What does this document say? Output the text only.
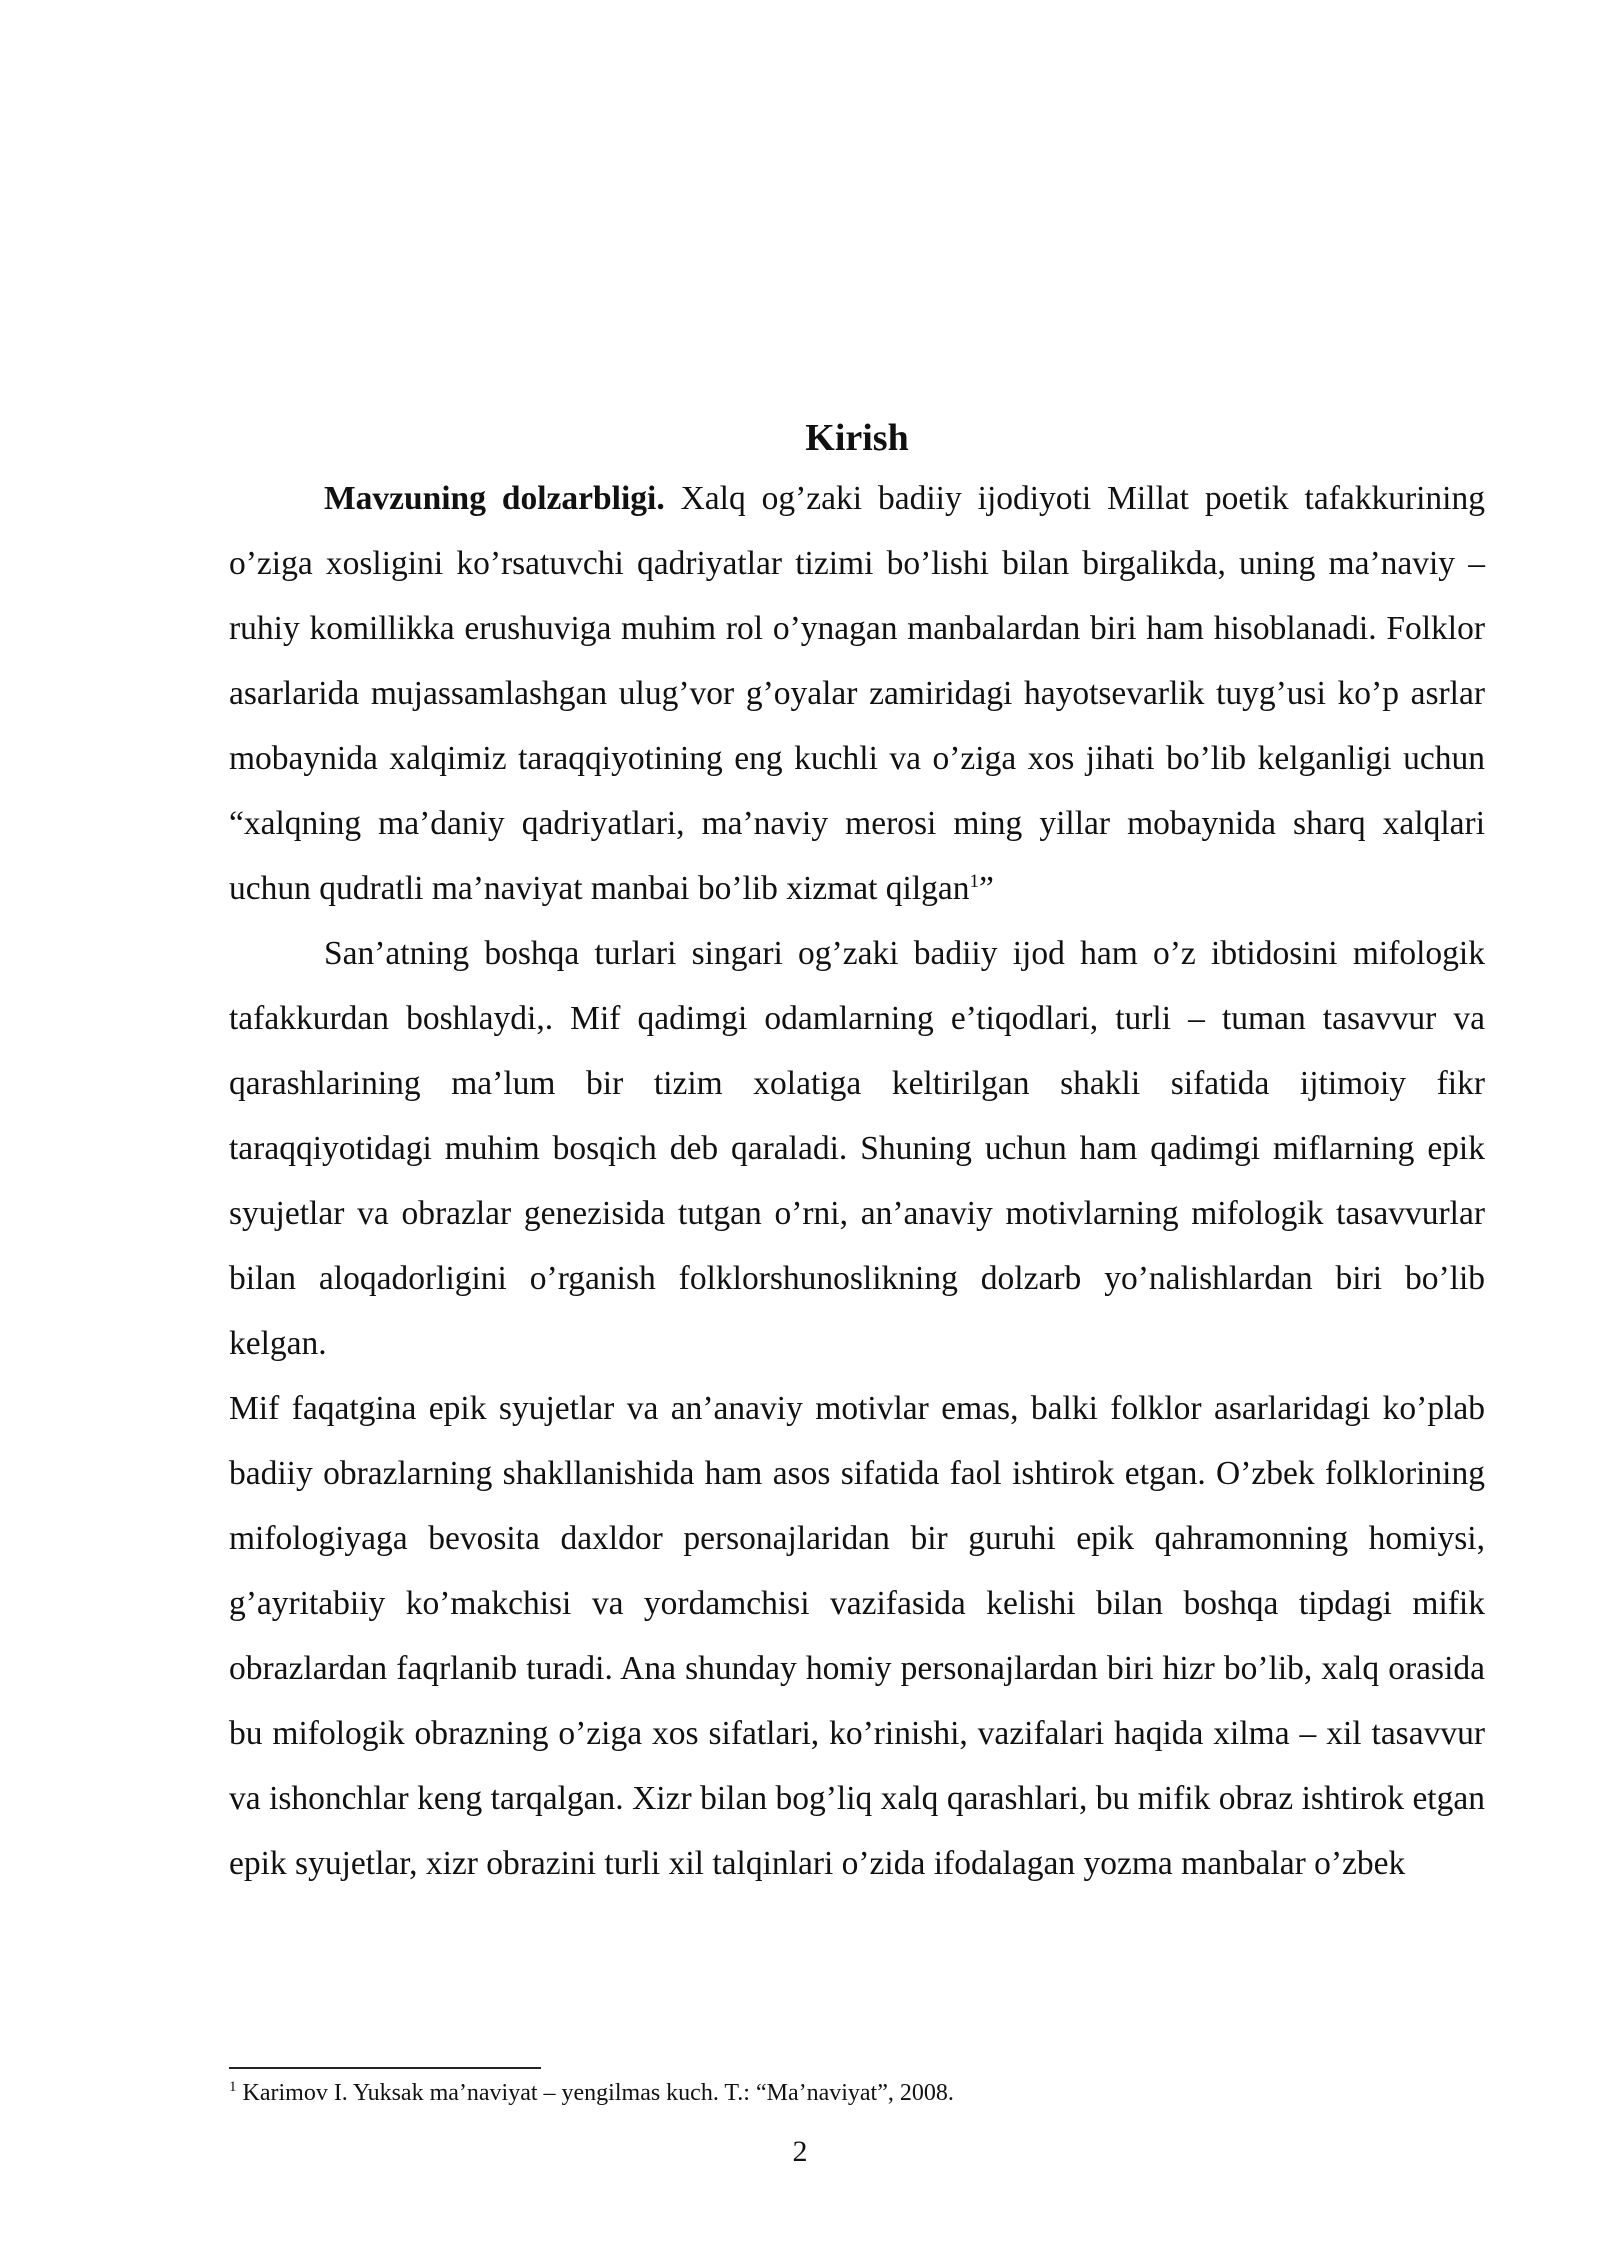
Kirish

Mavzuning dolzarbligi. Xalq og’zaki badiiy ijodiyoti Millat poetik tafakkurining o’ziga xosligini ko’rsatuvchi qadriyatlar tizimi bo’lishi bilan birgalikda, uning ma’naviy – ruhiy komillikka erushuviga muhim rol o’ynagan manbalardan biri ham hisoblanadi. Folklor asarlarida mujassamlashgan ulug’vor g’oyalar zamiridagi hayotsevarlik tuyg’usi ko’p asrlar mobaynida xalqimiz taraqqiyotining eng kuchli va o’ziga xos jihati bo’lib kelganligi uchun “xalqning ma’daniy qadriyatlari, ma’naviy merosi ming yillar mobaynida sharq xalqlari uchun qudratli ma’naviyat manbai bo’lib xizmat qilgan$^1$”

San’atning boshqa turlari singari og’zaki badiiy ijod ham o’z ibtidosini mifologik tafakkurdan boshlaydi,. Mif qadimgi odamlarning e’tiqodlari, turli – tuman tasavvur va qarashlarining ma’lum bir tizim xolatiga keltirilgan shakli sifatida ijtimoiy fikr taraqqiyotidagi muhim bosqich deb qaraladi. Shuning uchun ham qadimgi miflarning epik syujetlar va obrazlar genezisida tutgan o’rni, an’anaviy motivlarning mifologik tasavvurlar bilan aloqadorligini o’rganish folklorshunoslikning dolzarb yo’nalishlardan biri bo’lib kelgan.

Mif faqatgina epik syujetlar va an’anaviy motivlar emas, balki folklor asarlaridagi ko’plab badiiy obrazlarning shakllanishida ham asos sifatida faol ishtirok etgan. O’zbek folklorining mifologiyaga bevosita daxldor personajlaridan bir guruhi epik qahramonning homiysi, g’ayritabiiy ko’makchisi va yordamchisi vazifasida kelishi bilan boshqa tipdagi mifik obrazlardan faqrlanib turadi. Ana shunday homiy personajlardan biri hizr bo’lib, xalq orasida bu mifologik obrazning o’ziga xos sifatlari, ko’rinishi, vazifalari haqida xilma – xil tasavvur va ishonchlar keng tarqalgan. Xizr bilan bog’liq xalq qarashlari, bu mifik obraz ishtirok etgan epik syujetlar, xizr obrazini turli xil talqinlari o’zida ifodalagan yozma manbalar o’zbek

$^1$ Karimov I. Yuksak ma’naviyat – yengilmas kuch. T.: “Ma’naviyat”, 2008.
2
